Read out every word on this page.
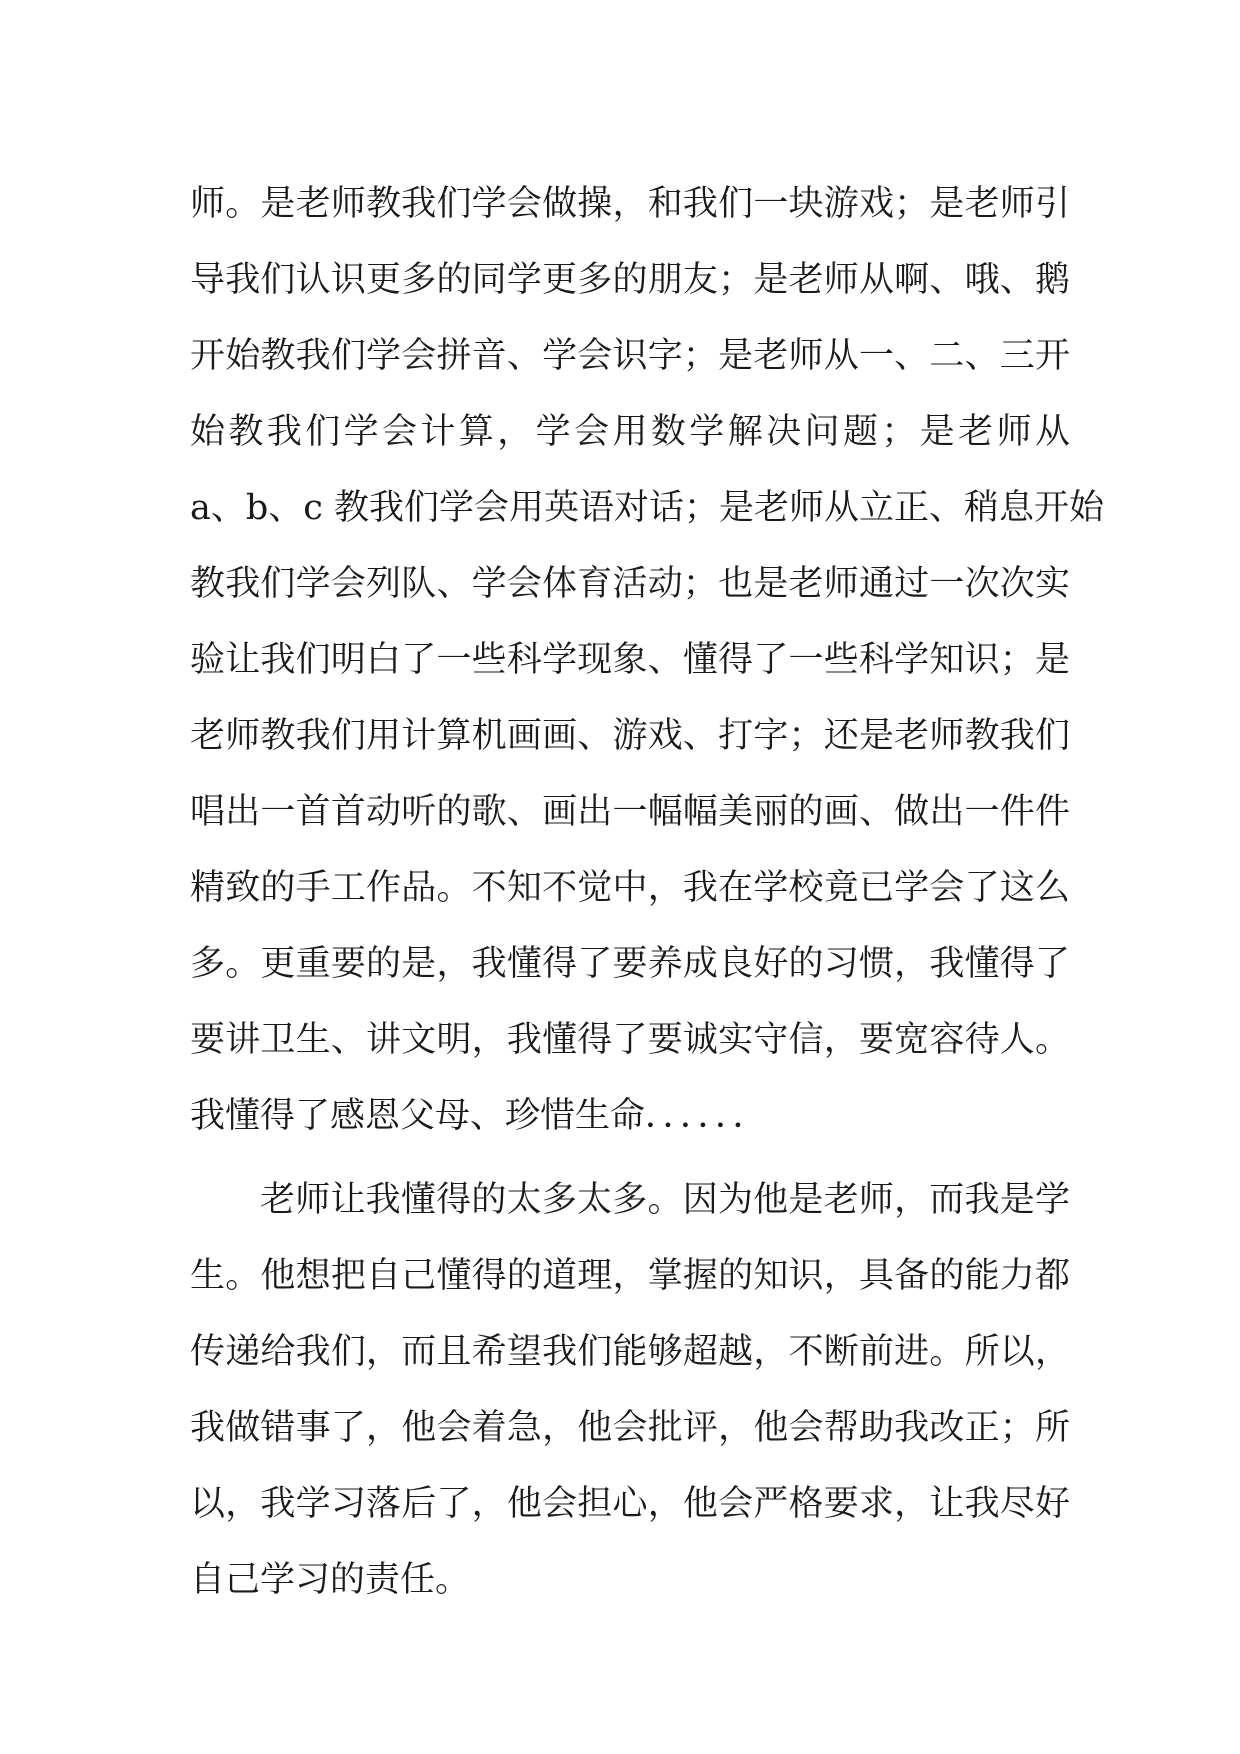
师。是老师教我们学会做操，和我们一块游戏；是老师引
导我们认识更多的同学更多的朋友；是老师从啊、哦、鹅
开始教我们学会拼音、学会识字；是老师从一、二、三开
始教我们学会计算，学会用数学解决问题；是老师从
a、b、c 教我们学会用英语对话；是老师从立正、稍息开始
教我们学会列队、学会体育活动；也是老师通过一次次实
验让我们明白了一些科学现象、懂得了一些科学知识；是
老师教我们用计算机画画、游戏、打字；还是老师教我们
唱出一首首动听的歌、画出一幅幅美丽的画、做出一件件
精致的手工作品。不知不觉中，我在学校竟已学会了这么
多。更重要的是，我懂得了要养成良好的习惯，我懂得了
要讲卫生、讲文明，我懂得了要诚实守信，要宽容待人。
我懂得了感恩父母、珍惜生命．．．．．．
老师让我懂得的太多太多。因为他是老师，而我是学
生。他想把自己懂得的道理，掌握的知识，具备的能力都
传递给我们，而且希望我们能够超越，不断前进。所以，
我做错事了，他会着急，他会批评，他会帮助我改正；所
以，我学习落后了，他会担心，他会严格要求，让我尽好
自己学习的责任。
